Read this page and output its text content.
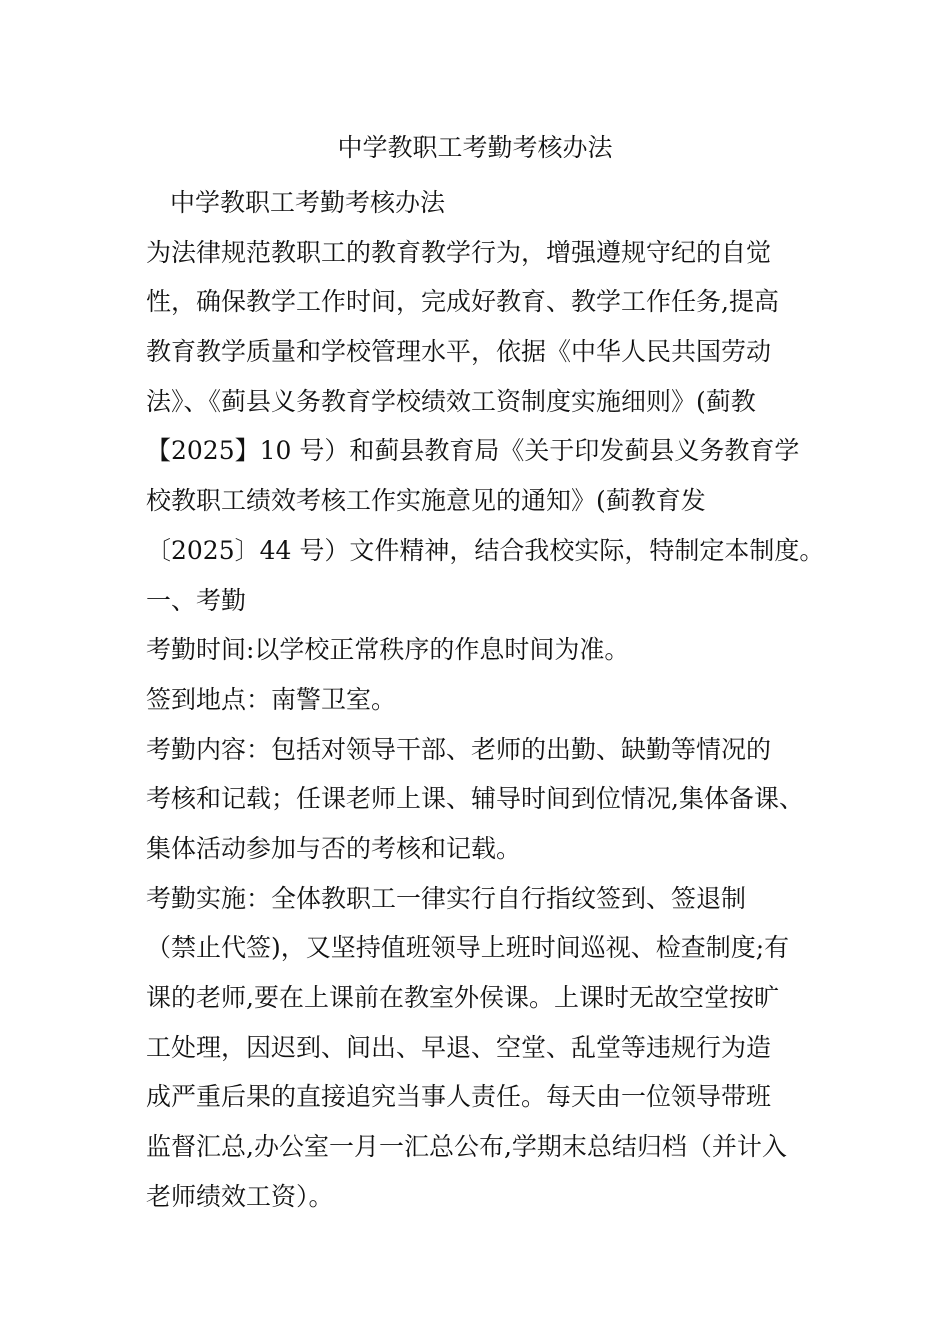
中学教职工考勤考核办法
中学教职工考勤考核办法
为法律规范教职工的教育教学行为，增强遵规守纪的自觉
性，确保教学工作时间，完成好教育、教学工作任务,提高
教育教学质量和学校管理水平，依据《中华人民共国劳动
法》、《蓟县义务教育学校绩效工资制度实施细则》(蓟教
【2025】10 号）和蓟县教育局《关于印发蓟县义务教育学
校教职工绩效考核工作实施意见的通知》(蓟教育发
〔2025〕44 号）文件精神，结合我校实际，特制定本制度。
一、考勤
考勤时间:以学校正常秩序的作息时间为准。
签到地点：南警卫室。
考勤内容：包括对领导干部、老师的出勤、缺勤等情况的
考核和记载；任课老师上课、辅导时间到位情况,集体备课、
集体活动参加与否的考核和记载。
考勤实施：全体教职工一律实行自行指纹签到、签退制
（禁止代签)，又坚持值班领导上班时间巡视、检查制度;有
课的老师,要在上课前在教室外侯课。上课时无故空堂按旷
工处理，因迟到、间出、早退、空堂、乱堂等违规行为造
成严重后果的直接追究当事人责任。每天由一位领导带班
监督汇总,办公室一月一汇总公布,学期末总结归档（并计入
老师绩效工资）。
